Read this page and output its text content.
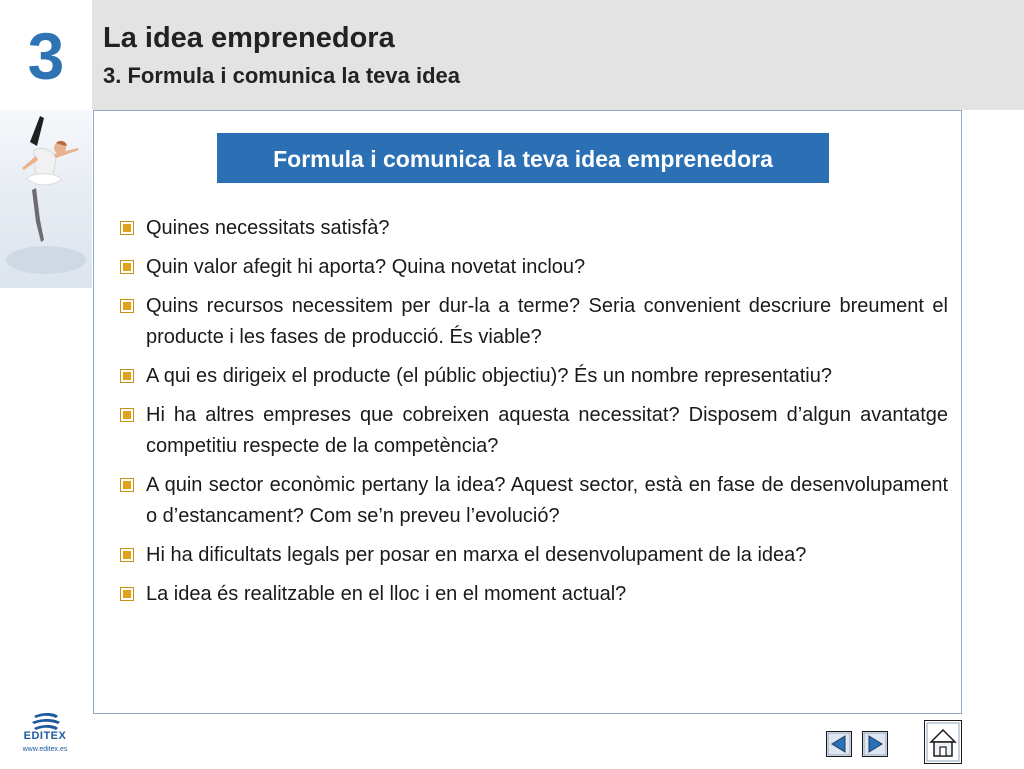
3	La idea emprenedora
3. Formula i comunica la teva idea
Formula i comunica la teva idea emprenedora
Quines necessitats satisfà?
Quin valor afegit hi aporta? Quina novetat inclou?
Quins recursos necessitem per dur-la a terme? Seria convenient descriure breument el producte i les fases de producció. És viable?
A qui es dirigeix el producte (el públic objectiu)? És un nombre representatiu?
Hi ha altres empreses que cobreixen aquesta necessitat? Disposem d’algun avantatge competitiu respecte de la competència?
A quin sector econòmic pertany la idea? Aquest sector, està en fase de desenvolupament o d’estancament? Com se’n preveu l’evolució?
Hi ha dificultats legals per posar en marxa el desenvolupament de la idea?
La idea és realitzable en el lloc i en el moment actual?
EDITEX
www.editex.es
